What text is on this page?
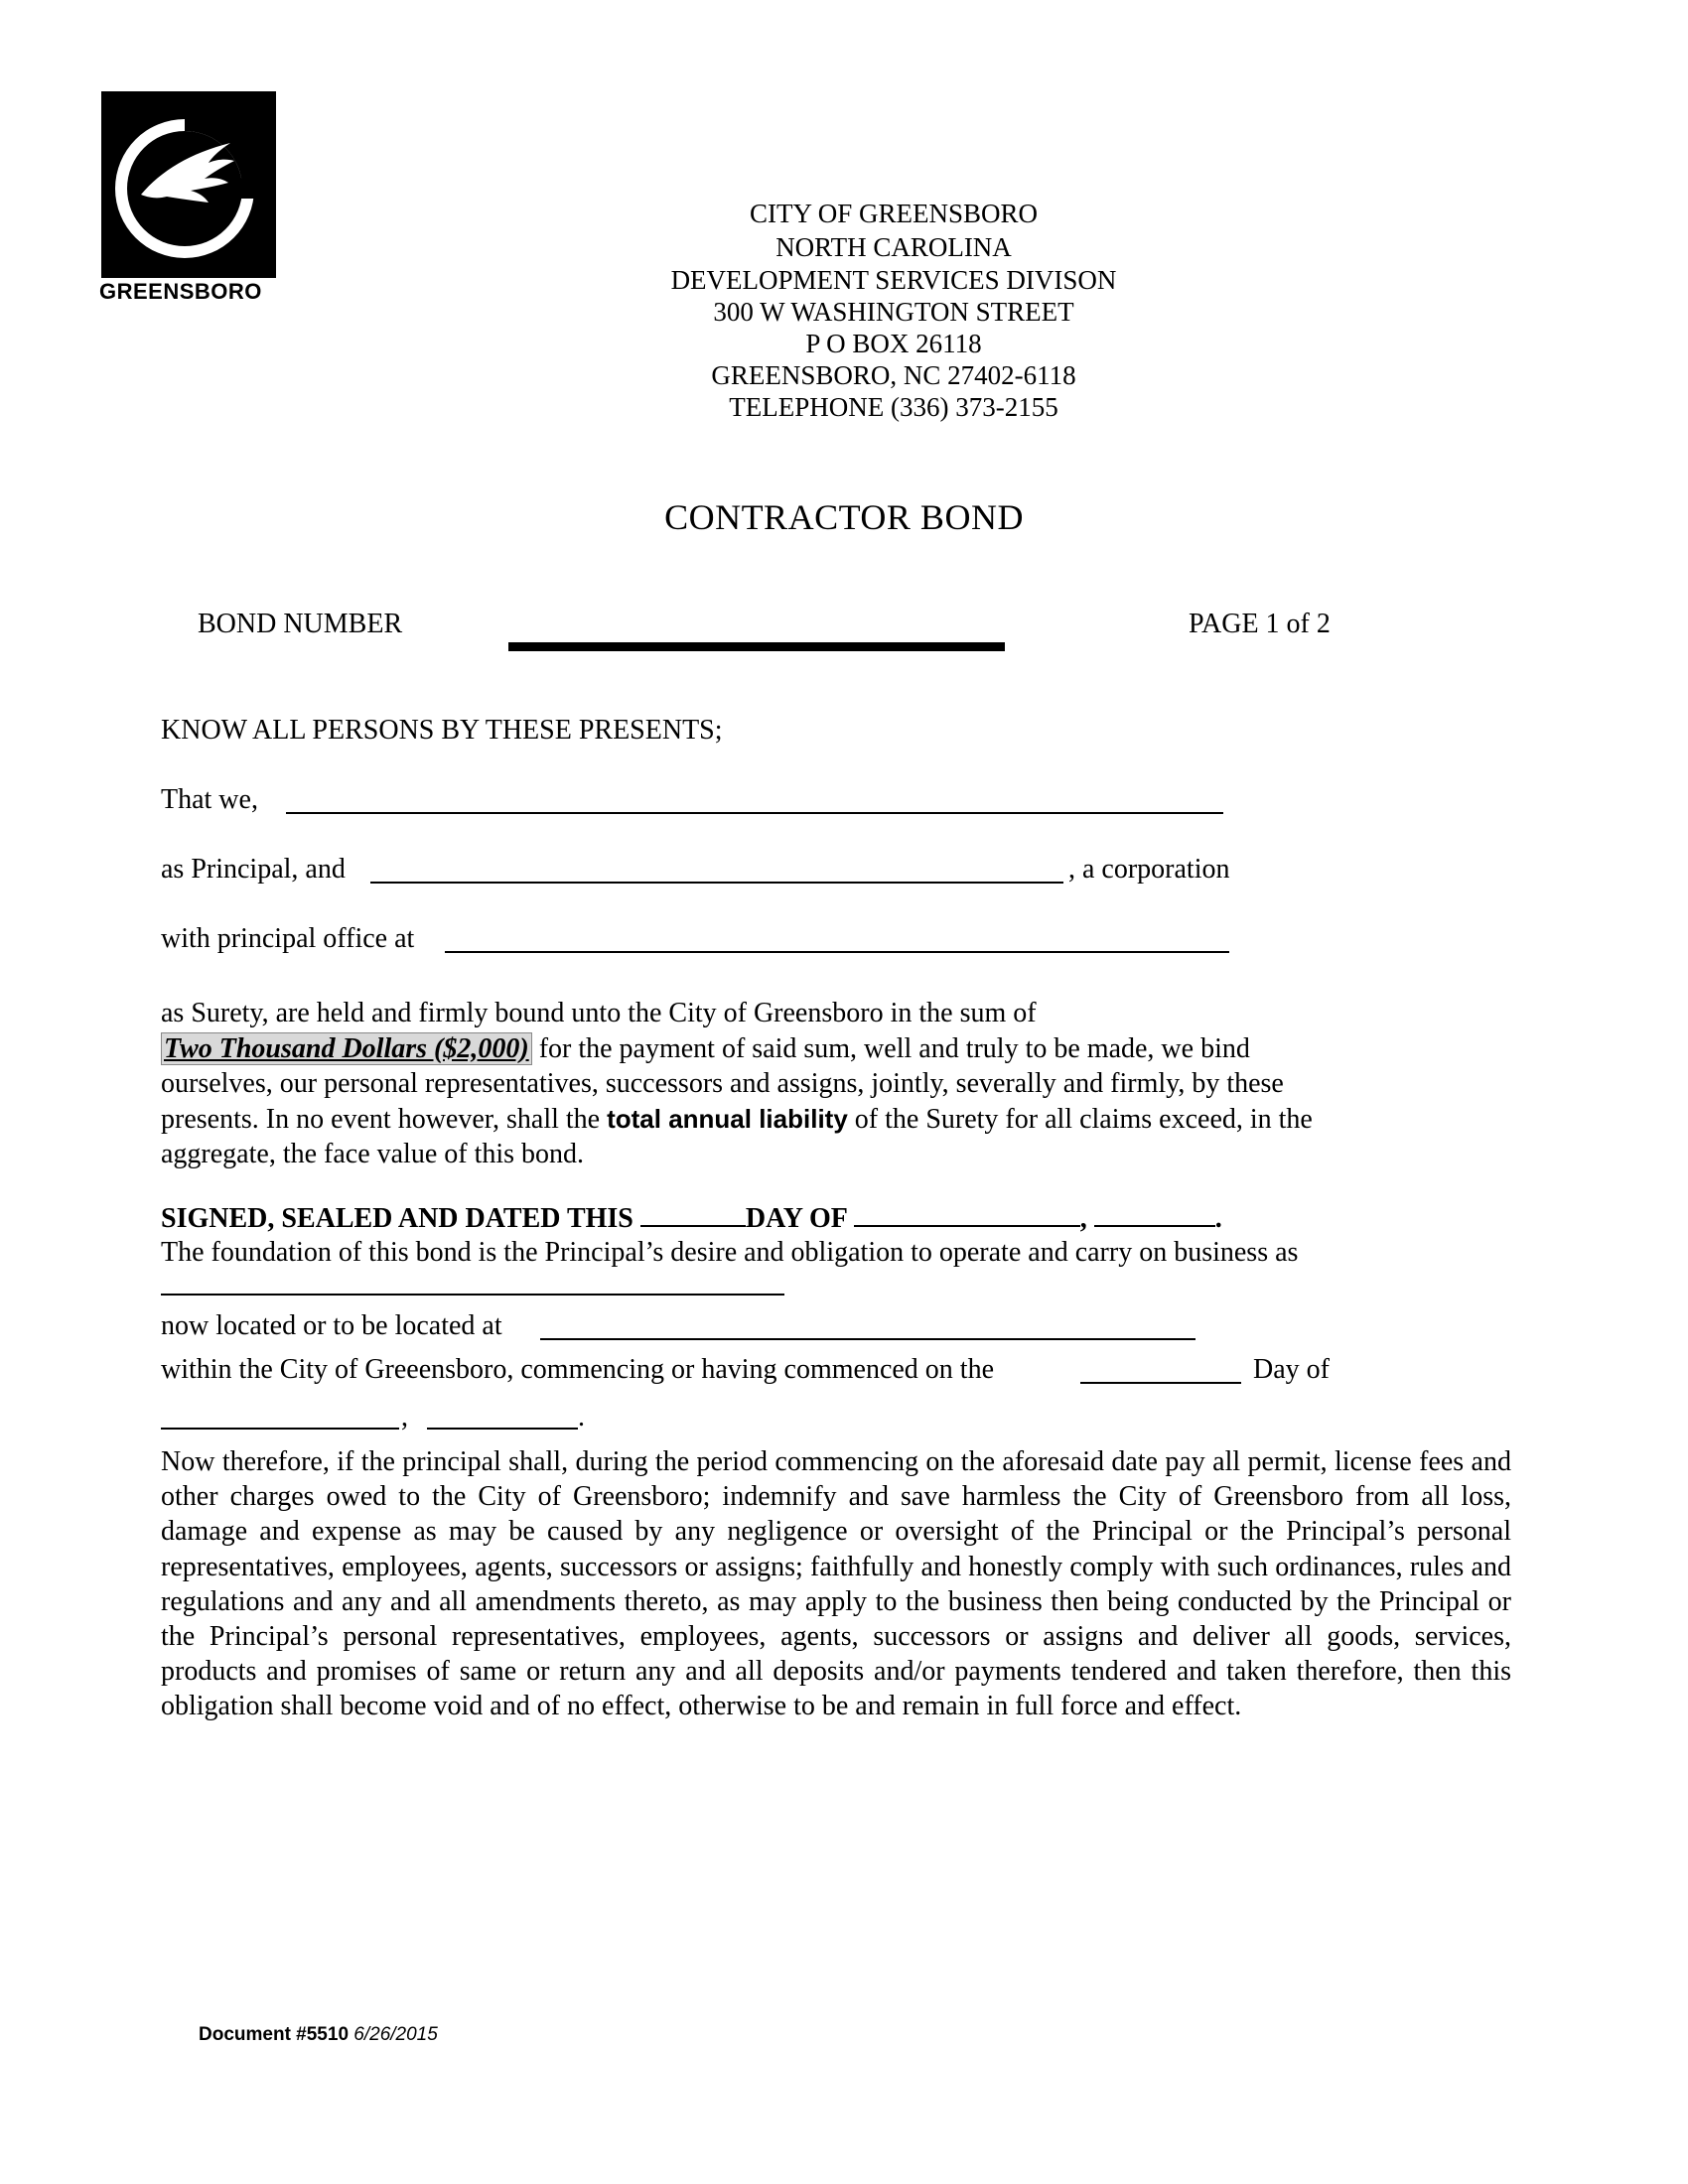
GREENSBORO
CITY OF GREENSBORO
NORTH CAROLINA
DEVELOPMENT SERVICES DIVISON
300 W WASHINGTON STREET
P O BOX 26118
GREENSBORO, NC 27402-6118
TELEPHONE (336) 373-2155
CONTRACTOR BOND
BOND NUMBER	PAGE 1 of 2
KNOW ALL PERSONS BY THESE PRESENTS;
That we,
as Principal, and	, a corporation
with principal office at
as Surety, are held and firmly bound unto the City of Greensboro in the sum of
Two Thousand Dollars ($2,000) for the payment of said sum, well and truly to be made, we bind
ourselves, our personal representatives, successors and assigns, jointly, severally and firmly, by these
presents. In no event however, shall the total annual liability of the Surety for all claims exceed, in the
aggregate, the face value of this bond.
SIGNED, SEALED AND DATED THIS	DAY OF	,	.
The foundation of this bond is the Principal’s desire and obligation to operate and carry on business as
now located or to be located at
within the City of Greeensboro, commencing or having commenced on the	Day of
,	.
Now therefore, if the principal shall, during the period commencing on the aforesaid date pay all permit, license fees and other charges owed to the City of Greensboro; indemnify and save harmless the City of Greensboro from all loss, damage and expense as may be caused by any negligence or oversight of the Principal or the Principal’s personal representatives, employees, agents, successors or assigns; faithfully and honestly comply with such ordinances, rules and regulations and any and all amendments thereto, as may apply to the business then being conducted by the Principal or the Principal’s personal representatives, employees, agents, successors or assigns and deliver all goods, services, products and promises of same or return any and all deposits and/or payments tendered and taken therefore, then this obligation shall become void and of no effect, otherwise to be and remain in full force and effect.
Document #5510 6/26/2015
